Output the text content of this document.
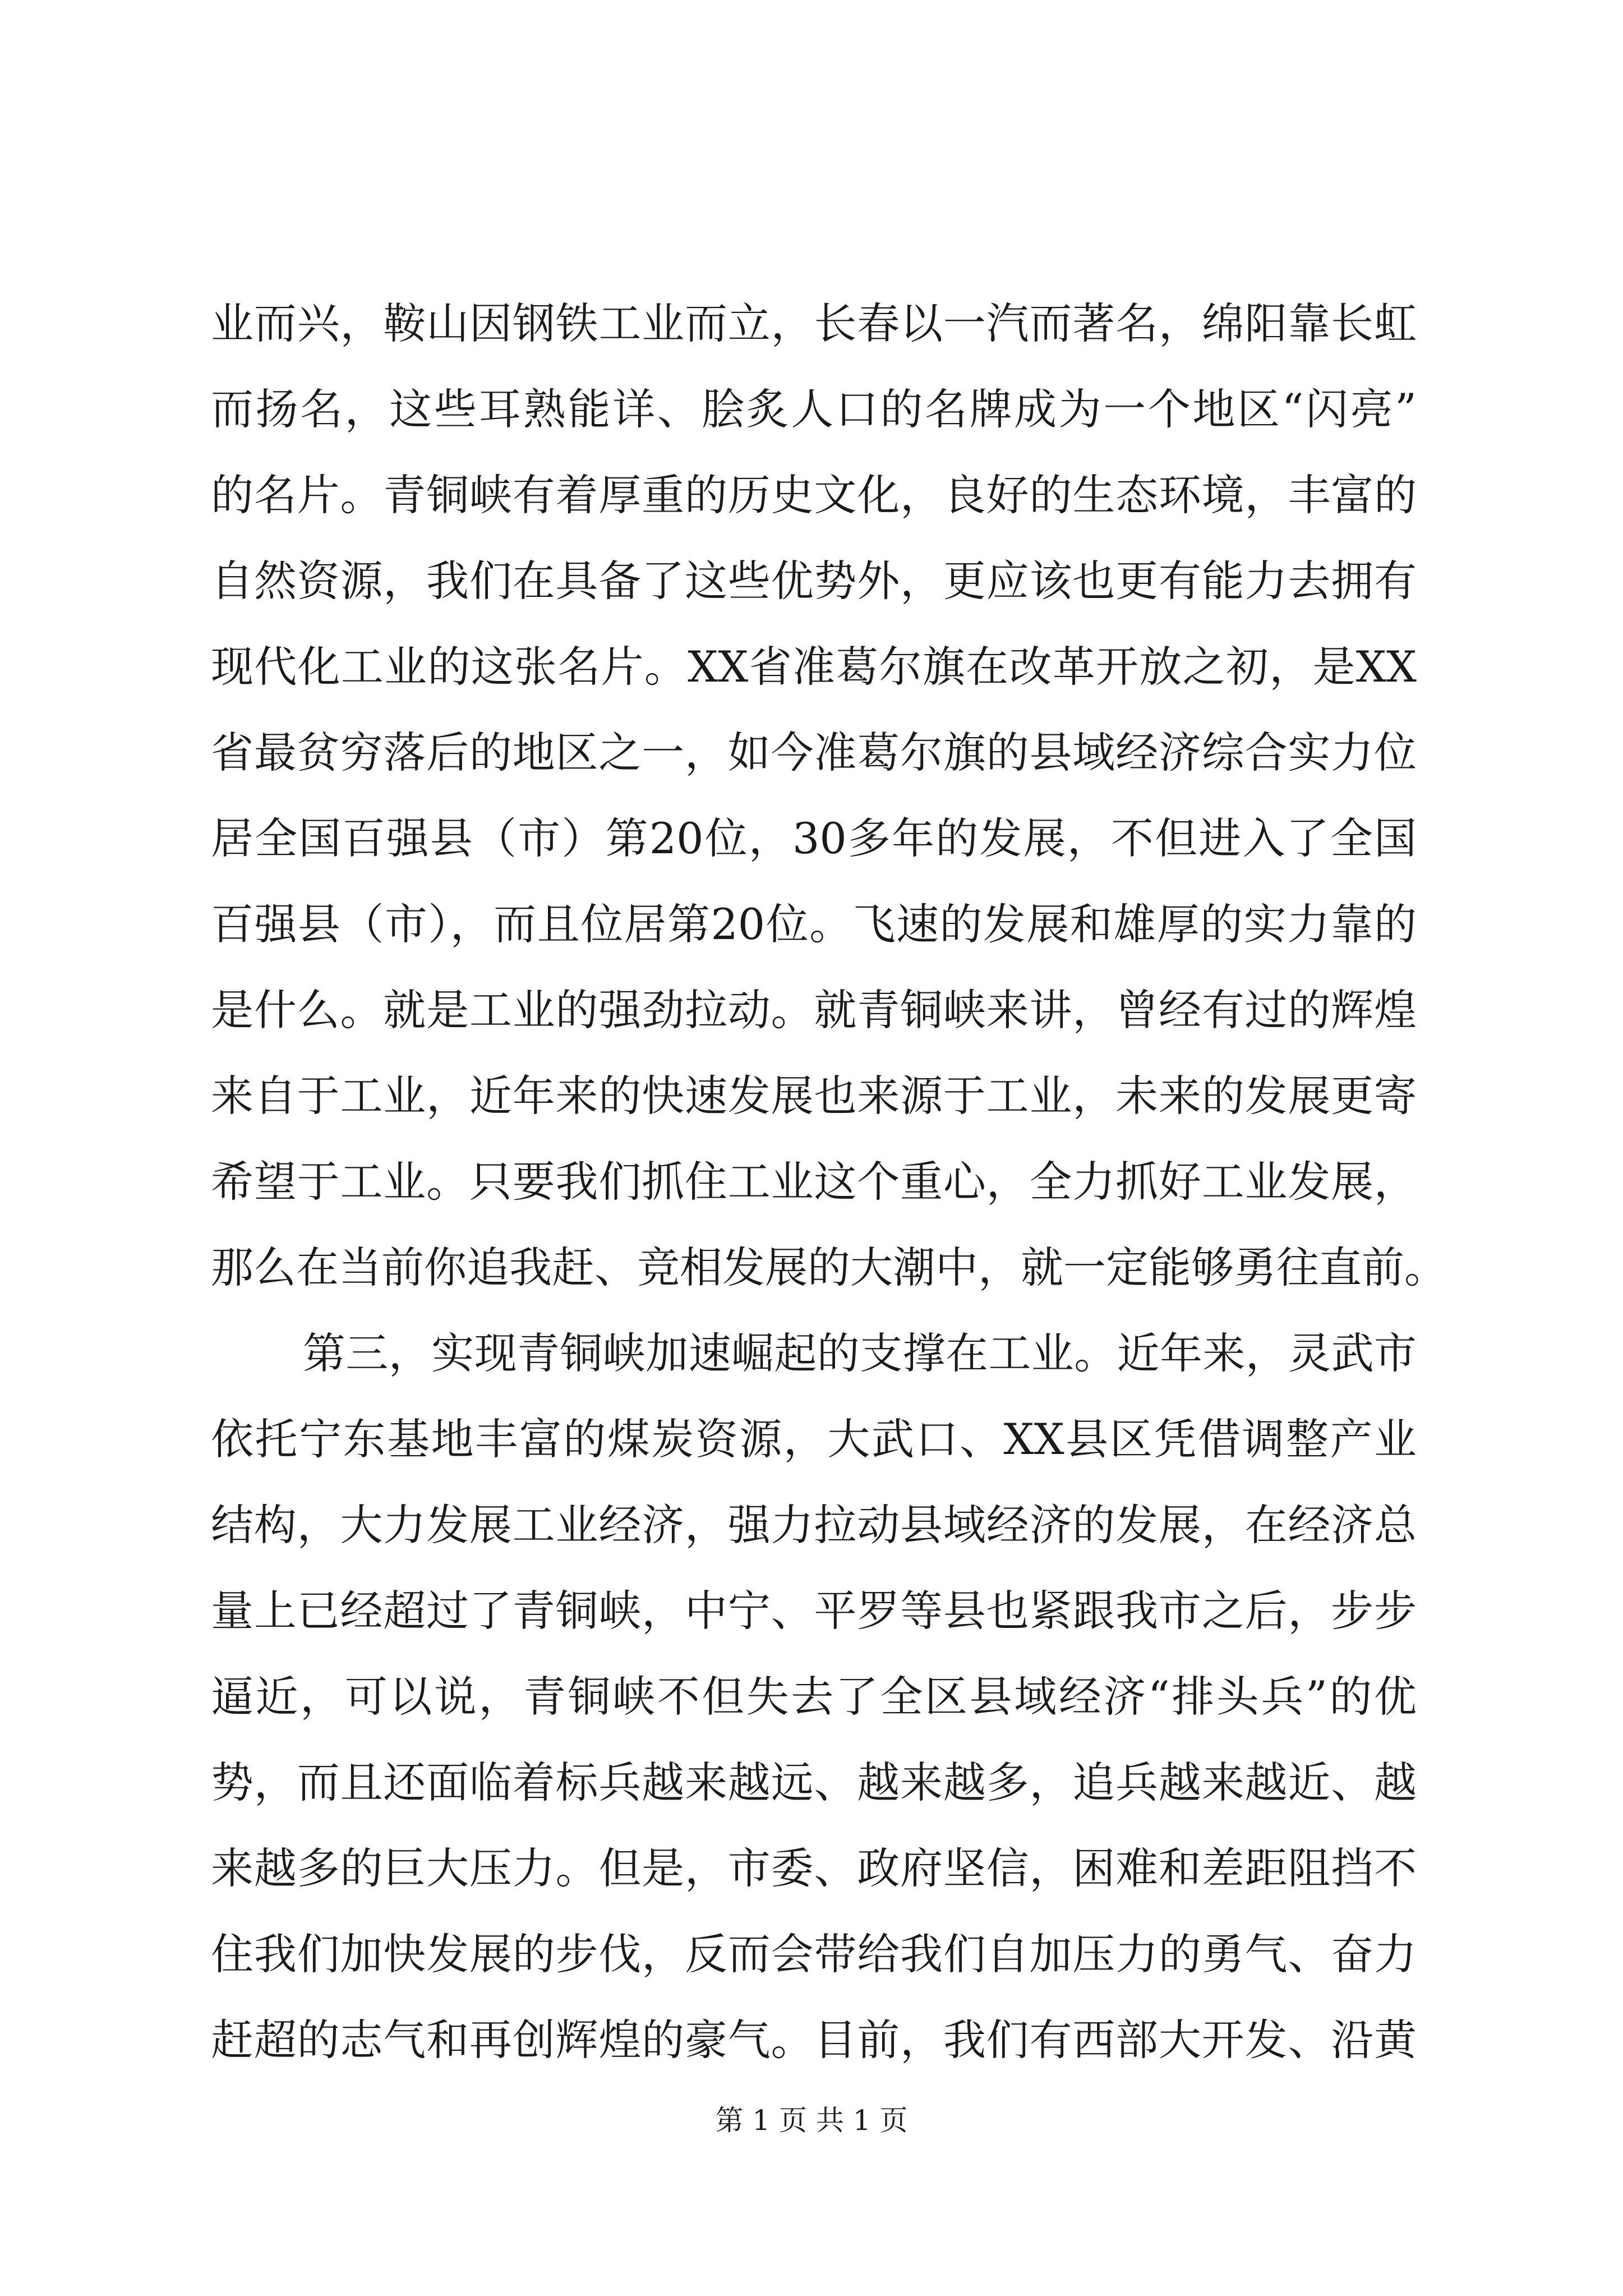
业而兴，鞍山因钢铁工业而立，长春以一汽而著名，绵阳靠长虹
而扬名，这些耳熟能详、脍炙人口的名牌成为一个地区“闪亮”
的名片。青铜峡有着厚重的历史文化，良好的生态环境，丰富的
自然资源，我们在具备了这些优势外，更应该也更有能力去拥有
现代化工业的这张名片。XX省准葛尔旗在改革开放之初，是XX
省最贫穷落后的地区之一，如今准葛尔旗的县域经济综合实力位
居全国百强县（市）第20位，30多年的发展，不但进入了全国
百强县（市），而且位居第20位。飞速的发展和雄厚的实力靠的
是什么。就是工业的强劲拉动。就青铜峡来讲，曾经有过的辉煌
来自于工业，近年来的快速发展也来源于工业，未来的发展更寄
希望于工业。只要我们抓住工业这个重心，全力抓好工业发展，
那么在当前你追我赶、竞相发展的大潮中，就一定能够勇往直前。
第三，实现青铜峡加速崛起的支撑在工业。近年来，灵武市
依托宁东基地丰富的煤炭资源，大武口、XX县区凭借调整产业
结构，大力发展工业经济，强力拉动县域经济的发展，在经济总
量上已经超过了青铜峡，中宁、平罗等县也紧跟我市之后，步步
逼近，可以说，青铜峡不但失去了全区县域经济“排头兵”的优
势，而且还面临着标兵越来越远、越来越多，追兵越来越近、越
来越多的巨大压力。但是，市委、政府坚信，困难和差距阻挡不
住我们加快发展的步伐，反而会带给我们自加压力的勇气、奋力
赶超的志气和再创辉煌的豪气。目前，我们有西部大开发、沿黄
第 1 页 共 1 页
